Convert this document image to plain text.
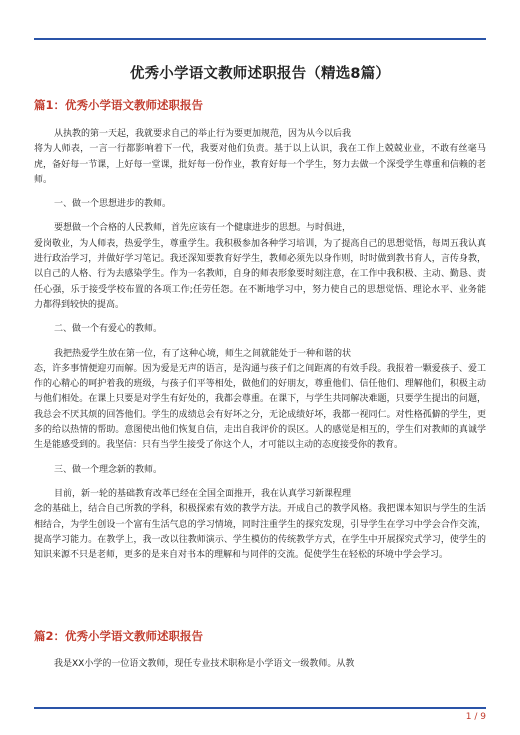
优秀小学语文教师述职报告（精选8篇）
篇1：优秀小学语文教师述职报告

从执教的第一天起，我就要求自己的举止行为要更加规范，因为从今以后我

将为人师表，一言一行都影响着下一代，我要对他们负责。基于以上认识，我在工作上兢兢业业，不敢有丝毫马虎，备好每一节课，上好每一堂课，批好每一份作业，教育好每一个学生，努力去做一个深受学生尊重和信赖的老师。

一、做一个思想进步的教师。

要想做一个合格的人民教师，首先应该有一个健康进步的思想。与时俱进，

爱岗敬业，为人师表，热爱学生，尊重学生。我积极参加各种学习培训，为了提高自己的思想觉悟，每周五我认真进行政治学习，并做好学习笔记。我还深知要教育好学生，教师必须先以身作则，时时做到教书育人，言传身教，以自己的人格、行为去感染学生。作为一名教师，自身的师表形象要时刻注意，在工作中我积极、主动、勤恳、责任心强，乐于接受学校布置的各项工作;任劳任怨。在不断地学习中，努力使自己的思想觉悟、理论水平、业务能力都得到较快的提高。

二、做一个有爱心的教师。

我把热爱学生放在第一位，有了这种心境，师生之间就能处于一种和谐的状

态，许多事情便迎刃而解。因为爱是无声的语言，是沟通与孩子们之间距离的有效手段。我报着一颗爱孩子、爱工作的心精心的呵护着我的班级，与孩子们平等相处，做他们的好朋友，尊重他们、信任他们、理解他们，积极主动与他们相处。在课上只要是对学生有好处的，我都会尊重。在课下，与学生共同解决难题，只要学生提出的问题，我总会不厌其烦的回答他们。学生的成绩总会有好坏之分，无论成绩好坏，我都一视同仁。对性格孤僻的学生，更多的给以热情的帮助。意图使出他们恢复自信，走出自我评价的误区。人的感觉是相互的，学生们对教师的真诚学生是能感受到的。我坚信：只有当学生接受了你这个人，才可能以主动的态度接受你的教育。

三、做一个理念新的教师。

目前，新一轮的基础教育改革已经在全国全面推开，我在认真学习新课程理

念的基础上，结合自己所教的学科，积极探索有效的教学方法。开成自己的教学风格。我把课本知识与学生的生活相结合，为学生创设一个富有生活气息的学习情境，同时注重学生的探究发现，引导学生在学习中学会合作交流，提高学习能力。在教学上，我一改以往教师演示、学生模仿的传统教学方式，在学生中开展探究式学习，使学生的知识来源不只是老师，更多的是来自对书本的理解和与同伴的交流。促使学生在轻松的环境中学会学习。

篇2：优秀小学语文教师述职报告

我是XX小学的一位语文教师，现任专业技术职称是小学语文一级教师。从教

1 / 9
